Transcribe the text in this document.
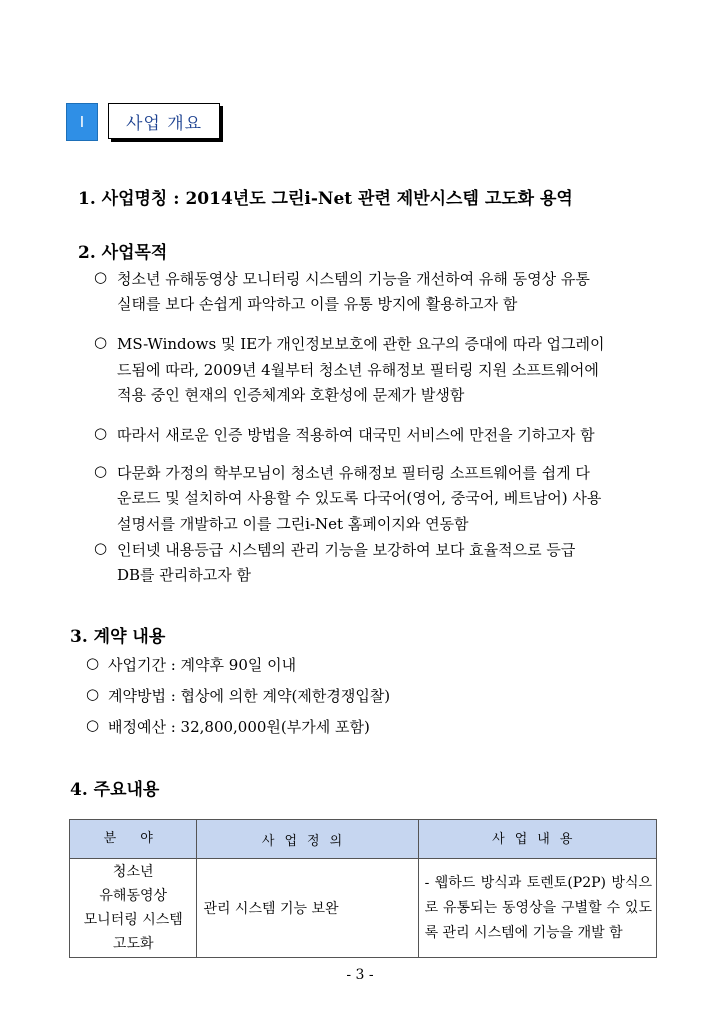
I	사업 개요
1. 사업명칭 : 2014년도 그린i-Net 관련 제반시스템 고도화 용역
2. 사업목적
○ 청소년 유해동영상 모니터링 시스템의 기능을 개선하여 유해 동영상 유통
실태를 보다 손쉽게 파악하고 이를 유통 방지에 활용하고자 함
○ MS-Windows 및 IE가 개인정보보호에 관한 요구의 증대에 따라 업그레이
드됨에 따라, 2009년 4월부터 청소년 유해정보 필터링 지원 소프트웨어에
적용 중인 현재의 인증체계와 호환성에 문제가 발생함
○ 따라서 새로운 인증 방법을 적용하여 대국민 서비스에 만전을 기하고자 함
○ 다문화 가정의 학부모님이 청소년 유해정보 필터링 소프트웨어를 쉽게 다
운로드 및 설치하여 사용할 수 있도록 다국어(영어, 중국어, 베트남어) 사용
설명서를 개발하고 이를 그린i-Net 홈페이지와 연동함
○ 인터넷 내용등급 시스템의 관리 기능을 보강하여 보다 효율적으로 등급
DB를 관리하고자 함
3. 계약 내용
○ 사업기간 : 계약후 90일 이내
○ 계약방법 : 협상에 의한 계약(제한경쟁입찰)
○ 배정예산 : 32,800,000원(부가세 포함)
4. 주요내용
분 야	사업정의	사업내용

청소년
유해동영상
모니터링 시스템
고도화	관리 시스템 기능 보완	- 웹하드 방식과 토렌토(P2P) 방식으로 유통되는 동영상을 구별할 수 있도록 관리 시스템에 기능을 개발 함
- 3 -
